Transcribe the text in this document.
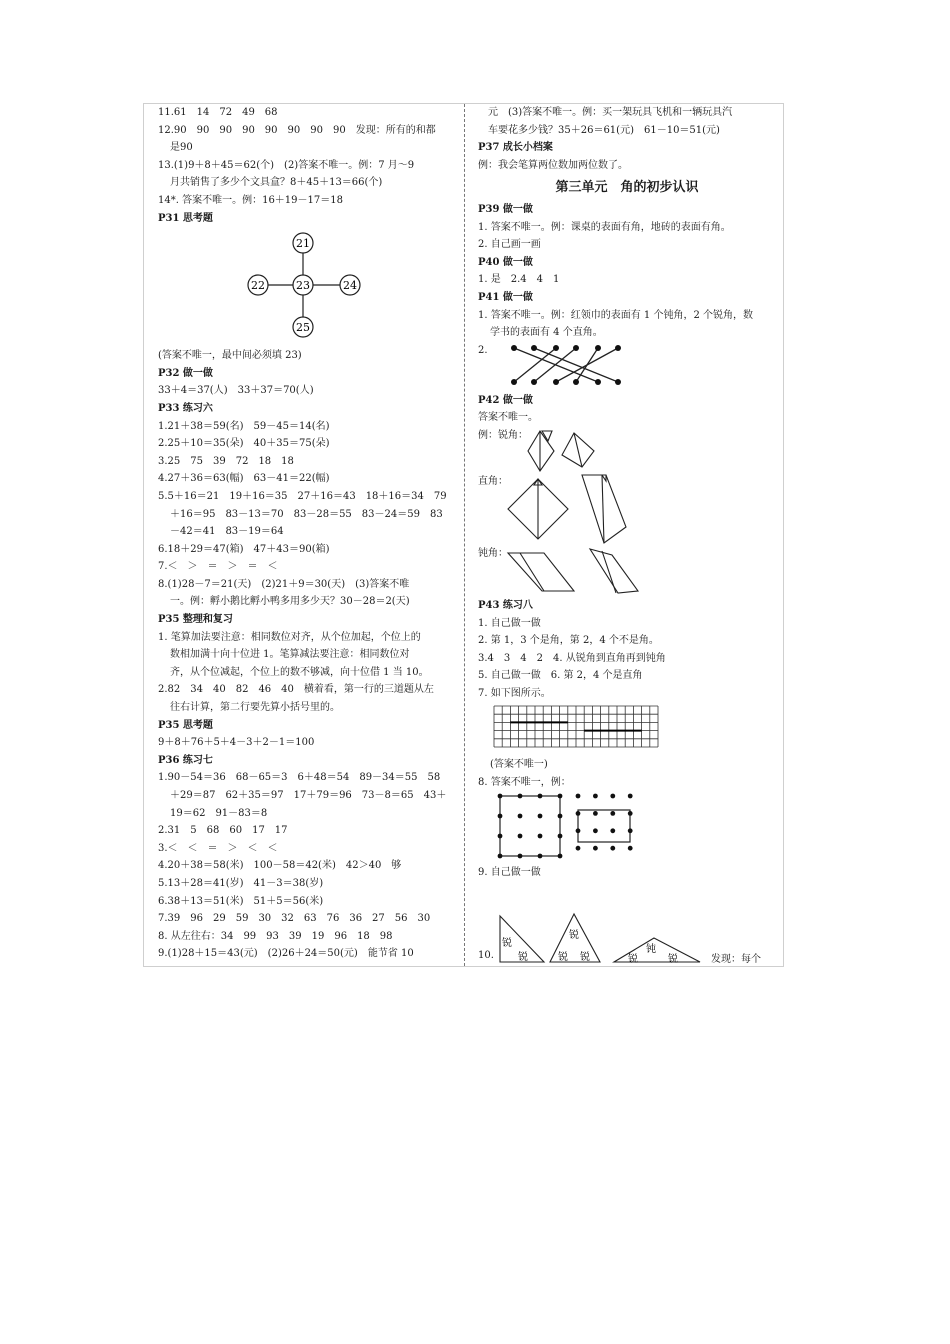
11.61　14　72　49　68
12.90　90　90　90　90　90　90　90　发现：所有的和都
是90
13.(1)9＋8＋45＝62(个)　(2)答案不唯一。例：7 月～9
月共销售了多少个文具盒？8＋45＋13＝66(个)
14*. 答案不唯一。例：16＋19－17＝18
P31 思考题
21
22	23	24
25
(答案不唯一，最中间必须填 23)
P32 做一做
33＋4＝37(人)　33＋37＝70(人)
P33 练习六
1.21＋38＝59(名)　59－45＝14(名)
2.25＋10＝35(朵)　40＋35＝75(朵)
3.25　75　39　72　18　18
4.27＋36＝63(幅)　63－41＝22(幅)
5.5＋16＝21　19＋16＝35　27＋16＝43　18＋16＝34　79
＋16＝95　83－13＝70　83－28＝55　83－24＝59　83
－42＝41　83－19＝64
6.18＋29＝47(箱)　47＋43＝90(箱)
7.＜　＞　＝　＞　＝　＜
8.(1)28－7＝21(天)　(2)21＋9＝30(天)　(3)答案不唯
一。例：孵小鹅比孵小鸭多用多少天？30－28＝2(天)
P35 整理和复习
1. 笔算加法要注意：相同数位对齐，从个位加起，个位上的
数相加满十向十位进 1。笔算减法要注意：相同数位对
齐，从个位减起，个位上的数不够减，向十位借 1 当 10。
2.82　34　40　82　46　40　横着看，第一行的三道题从左
往右计算，第二行要先算小括号里的。
P35 思考题
9＋8＋76＋5＋4－3＋2－1＝100
P36 练习七
1.90－54＝36　68－65＝3　6＋48＝54　89－34＝55　58
＋29＝87　62＋35＝97　17＋79＝96　73－8＝65　43＋
19＝62　91－83＝8
2.31　5　68　60　17　17
3.＜　＜　＝　＞　＜　＜
4.20＋38＝58(米)　100－58＝42(米)　42＞40　够
5.13＋28＝41(岁)　41－3＝38(岁)
6.38＋13＝51(米)　51＋5＝56(米)
7.39　96　29　59　30　32　63　76　36　27　56　30
8. 从左往右：34　99　93　39　19　96　18　98
9.(1)28＋15＝43(元)　(2)26＋24＝50(元)　能节省 10
元　(3)答案不唯一。例：买一架玩具飞机和一辆玩具汽
车要花多少钱？35＋26＝61(元)　61－10＝51(元)
P37 成长小档案
例：我会笔算两位数加两位数了。
第三单元　角的初步认识
P39 做一做
1. 答案不唯一。例：课桌的表面有角，地砖的表面有角。
2. 自己画一画
P40 做一做
1. 是　2.4　4　1
P41 做一做
1. 答案不唯一。例：红领巾的表面有 1 个钝角，2 个锐角，数
学书的表面有 4 个直角。
2.
P42 做一做
答案不唯一。
例：锐角：
直角：
钝角：
P43 练习八
1. 自己做一做
2. 第 1，3 个是角，第 2，4 个不是角。
3.4　3　4　2　4. 从锐角到直角再到钝角
5. 自己做一做　6. 第 2，4 个是直角
7. 如下图所示。
(答案不唯一)
8. 答案不唯一，例：
9. 自己做一做
10.
锐
锐
锐
锐 锐
钝
锐	锐	发现：每个
